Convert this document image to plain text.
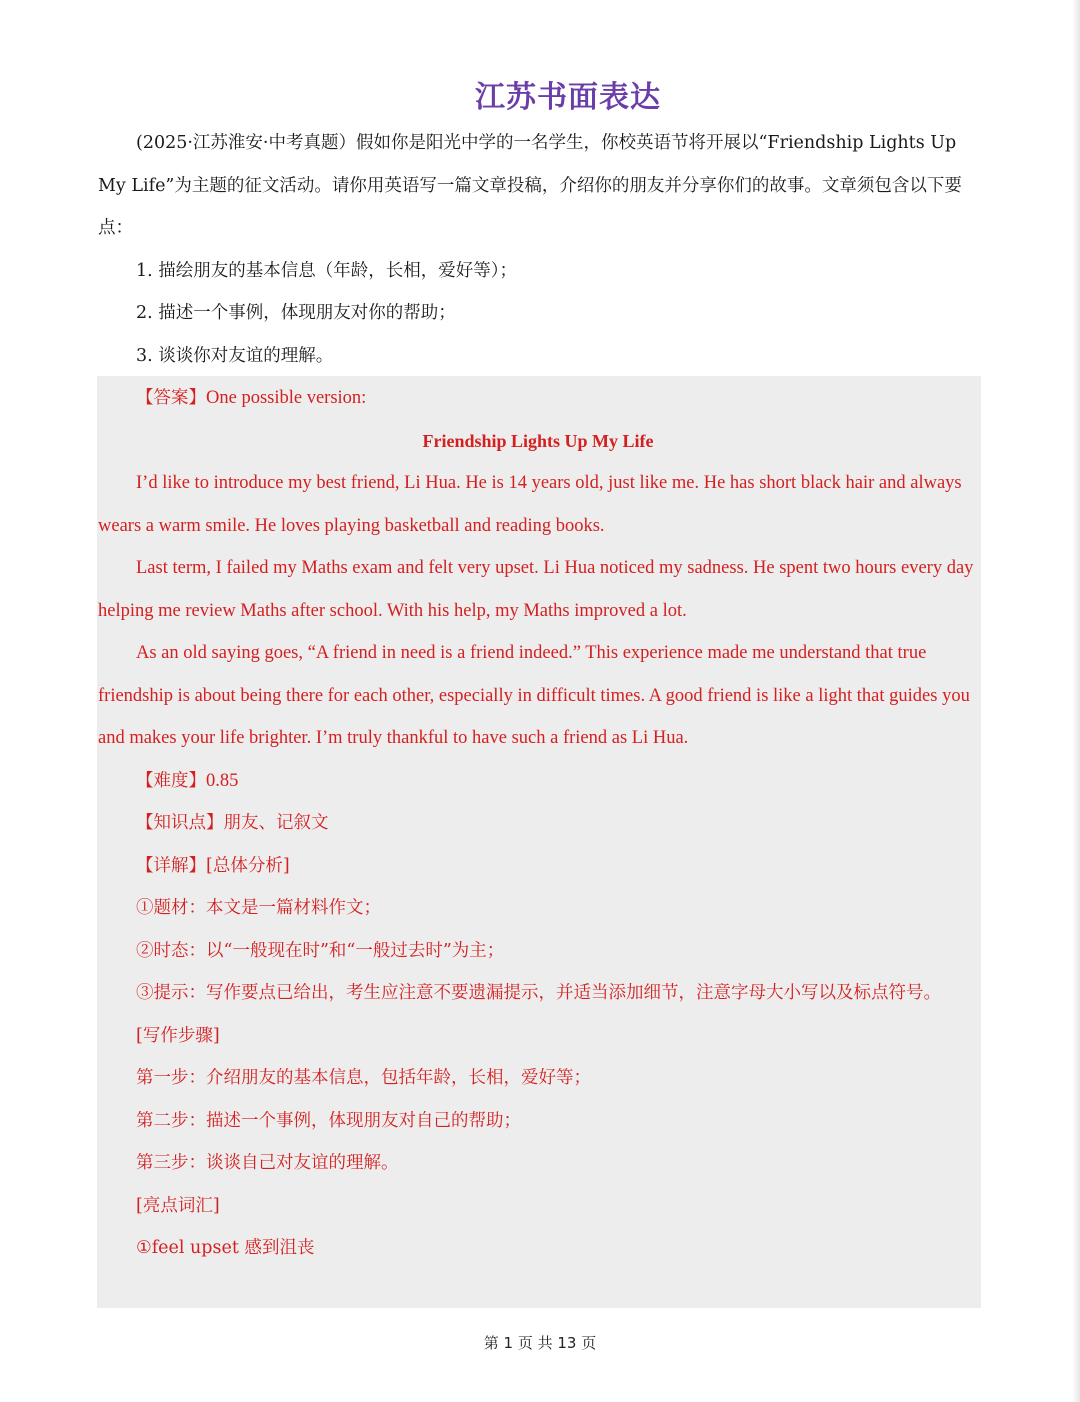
江苏书面表达

(2025·江苏淮安·中考真题）假如你是阳光中学的一名学生，你校英语节将开展以“Friendship Lights Up My Life”为主题的征文活动。请你用英语写一篇文章投稿，介绍你的朋友并分享你们的故事。文章须包含以下要点：

1. 描绘朋友的基本信息（年龄，长相，爱好等）；

2. 描述一个事例，体现朋友对你的帮助；

3. 谈谈你对友谊的理解。

【答案】One possible version:

Friendship Lights Up My Life

I’d like to introduce my best friend, Li Hua. He is 14 years old, just like me. He has short black hair and always wears a warm smile. He loves playing basketball and reading books.

Last term, I failed my Maths exam and felt very upset. Li Hua noticed my sadness. He spent two hours every day helping me review Maths after school. With his help, my Maths improved a lot.

As an old saying goes, “A friend in need is a friend indeed.” This experience made me understand that true friendship is about being there for each other, especially in difficult times. A good friend is like a light that guides you and makes your life brighter. I’m truly thankful to have such a friend as Li Hua.

【难度】0.85

【知识点】朋友、记叙文

【详解】[总体分析]

①题材：本文是一篇材料作文；

②时态：以“一般现在时”和“一般过去时”为主；

③提示：写作要点已给出，考生应注意不要遗漏提示，并适当添加细节，注意字母大小写以及标点符号。

[写作步骤]

第一步：介绍朋友的基本信息，包括年龄，长相，爱好等；

第二步：描述一个事例，体现朋友对自己的帮助；

第三步：谈谈自己对友谊的理解。

[亮点词汇]

①feel upset 感到沮丧

第 1 页 共 13 页
